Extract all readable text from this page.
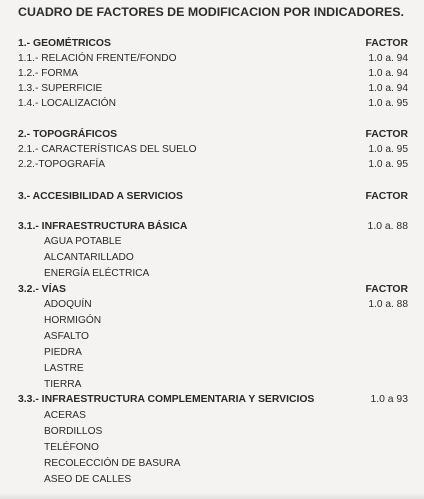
CUADRO DE FACTORES DE MODIFICACION POR INDICADORES.
1.- GEOMÉTRICOS	FACTOR
1.1.- RELACIÓN FRENTE/FONDO	1.0 a. 94
1.2.- FORMA	1.0 a. 94
1.3.- SUPERFICIE	1.0 a. 94
1.4.- LOCALIZACIÓN	1.0 a. 95
2.- TOPOGRÁFICOS	FACTOR
2.1.- CARACTERÍSTICAS DEL SUELO	1.0 a. 95
2.2.-TOPOGRAFÍA	1.0 a. 95
3.- ACCESIBILIDAD A SERVICIOS	FACTOR
3.1.- INFRAESTRUCTURA BÁSICA	1.0 a. 88
AGUA POTABLE
ALCANTARILLADO
ENERGÍA ELÉCTRICA
3.2.- VÍAS	FACTOR
ADOQUÍN	1.0 a. 88
HORMIGÓN
ASFALTO
PIEDRA
LASTRE
TIERRA
3.3.- INFRAESTRUCTURA COMPLEMENTARIA Y SERVICIOS	1.0 a 93
ACERAS
BORDILLOS
TELÉFONO
RECOLECCIÓN DE BASURA
ASEO DE CALLES
